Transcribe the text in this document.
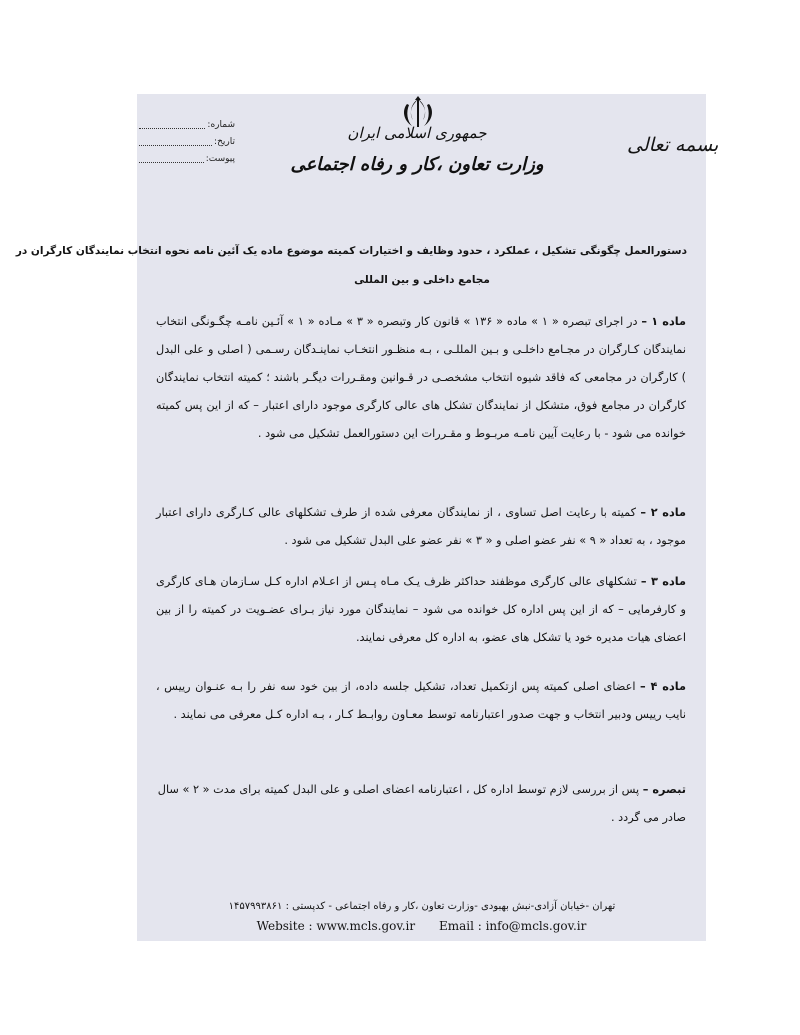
جمهوری اسلامی ایران
وزارت تعاون ،کار و رفاه اجتماعی
بسمه تعالی
شماره:
تاریخ:
پیوست:
دستورالعمل چگونگی تشکیل ، عملکرد ، حدود وظایف و اختیارات کمیته موضوع ماده یک آئین نامه نحوه انتخاب نمایندگان کارگران در
مجامع داخلی و بین المللی
ماده ۱ – در اجرای تبصره « ۱ » ماده « ۱۳۶ » قانون کار وتبصره « ۳ » مـاده « ۱ » آئـین نامـه چگـونگی انتخاب نمایندگان کـارگران در مجـامع داخلـی و بـین المللـی ، بـه منظـور انتخـاب نماینـدگان رسـمی ( اصلی و علی البدل ) کارگران در مجامعی که فاقد شیوه انتخاب مشخصـی در قـوانین ومقـررات دیگـر باشند ؛ کمیته انتخاب نمایندگان کارگران در مجامع فوق، متشکل از نمایندگان تشکل های عالی کارگری موجود دارای اعتبار – که از این پس کمیته خوانده می شود - با رعایت آیین نامـه مربـوط و مقـررات این دستورالعمل تشکیل می شود .
ماده ۲ – کمیته با رعایت اصل تساوی ، از نمایندگان معرفی شده از طرف تشکلهای عالی کـارگری دارای اعتبار موجود ، به تعداد « ۹ » نفر عضو اصلی و « ۳ » نفر عضو علی البدل تشکیل می شود .
ماده ۳ – تشکلهای عالی کارگری موظفند حداکثر ظرف یـک مـاه پـس از اعـلام اداره کـل سـازمان هـای کارگری و کارفرمایی – که از این پس اداره کل خوانده می شود – نمایندگان مورد نیاز بـرای عضـویت در کمیته را از بین اعضای هیات مدیره خود یا تشکل های عضو، به اداره کل معرفی نمایند.
ماده ۴ – اعضای اصلی کمیته پس ازتکمیل تعداد، تشکیل جلسه داده، از بین خود سه نفر را بـه عنـوان رییس ، نایب رییس ودبیر انتخاب و جهت صدور اعتبارنامه توسط معـاون روابـط کـار ، بـه اداره کـل معرفی می نمایند .
تبصره – پس از بررسی لازم توسط اداره کل ، اعتبارنامه اعضای اصلی و علی البدل کمیته برای مدت « ۲ » سال صادر می گردد .
تهران -خیابان آزادی-نبش بهبودی -وزارت تعاون ،کار و رفاه اجتماعی - کدپستی : ۱۴۵۷۹۹۳۸۶۱
Website : www.mcls.gov.ir Email : info@mcls.gov.ir
